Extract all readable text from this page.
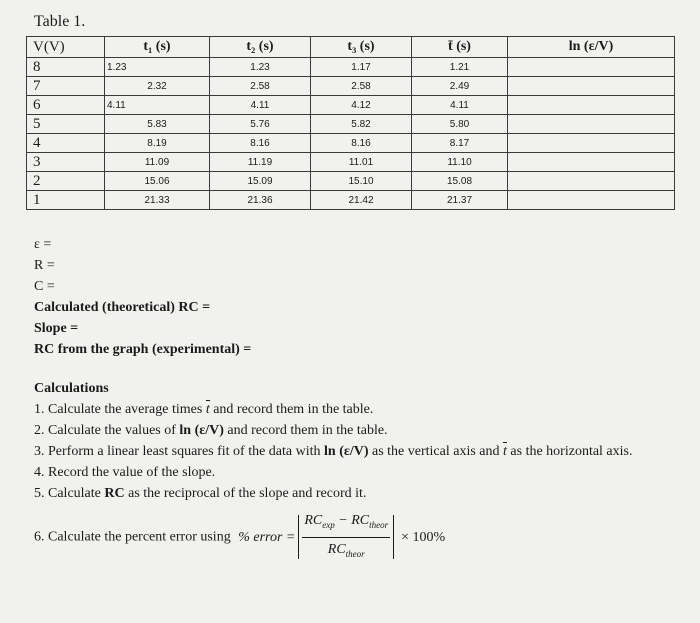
Table 1.
V(V)	t₁ (s)	t₂ (s)	t₃ (s)	t̄ (s)	ln (ε/V)
8	1.23	1.23	1.17	1.21	
7	2.32	2.58	2.58	2.49	
6	4.11	4.11	4.12	4.11	
5	5.83	5.76	5.82	5.80	
4	8.19	8.16	8.16	8.17	
3	11.09	11.19	11.01	11.10	
2	15.06	15.09	15.10	15.08	
1	21.33	21.36	21.42	21.37	
ε =
R =
C =
Calculated (theoretical) RC =
Slope =
RC from the graph (experimental) =
Calculations
1. Calculate the average times t and record them in the table.
2. Calculate the values of ln (ε/V) and record them in the table.
3. Perform a linear least squares fit of the data with ln (ε/V) as the vertical axis and t as the horizontal axis.
4. Record the value of the slope.
5. Calculate RC as the reciprocal of the slope and record it.
6. Calculate the percent error using % error = $\frac{RC_{exp} - RC_{theor}}{RC_{theor}} \times 100\%$
